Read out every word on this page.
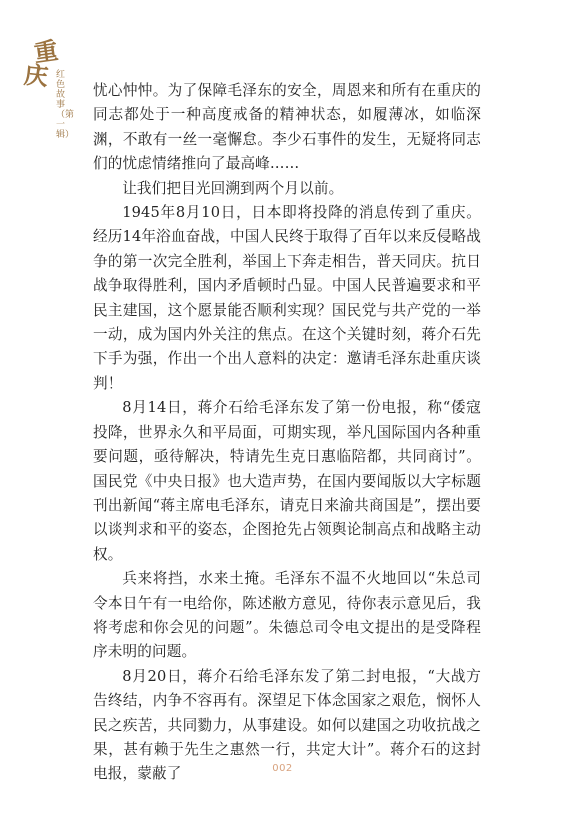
重
庆 红色故事（第一辑）

忧心忡忡。为了保障毛泽东的安全，周恩来和所有在重庆的同志都处于一种高度戒备的精神状态，如履薄冰，如临深渊，不敢有一丝一毫懈怠。李少石事件的发生，无疑将同志们的忧虑情绪推向了最高峰……

让我们把目光回溯到两个月以前。

1945年8月10日，日本即将投降的消息传到了重庆。经历14年浴血奋战，中国人民终于取得了百年以来反侵略战争的第一次完全胜利，举国上下奔走相告，普天同庆。抗日战争取得胜利，国内矛盾顿时凸显。中国人民普遍要求和平民主建国，这个愿景能否顺利实现？国民党与共产党的一举一动，成为国内外关注的焦点。在这个关键时刻，蒋介石先下手为强，作出一个出人意料的决定：邀请毛泽东赴重庆谈判！

8月14日，蒋介石给毛泽东发了第一份电报，称“倭寇投降，世界永久和平局面，可期实现，举凡国际国内各种重要问题，亟待解决，特请先生克日惠临陪都，共同商讨”。国民党《中央日报》也大造声势，在国内要闻版以大字标题刊出新闻“蒋主席电毛泽东，请克日来渝共商国是”，摆出要以谈判求和平的姿态，企图抢先占领舆论制高点和战略主动权。

兵来将挡，水来土掩。毛泽东不温不火地回以“朱总司令本日午有一电给你，陈述敝方意见，待你表示意见后，我将考虑和你会见的问题”。朱德总司令电文提出的是受降程序未明的问题。

8月20日，蒋介石给毛泽东发了第二封电报，“大战方告终结，内争不容再有。深望足下体念国家之艰危，悯怀人民之疾苦，共同勠力，从事建设。如何以建国之功收抗战之果，甚有赖于先生之惠然一行，共定大计”。蒋介石的这封电报，蒙蔽了	002
